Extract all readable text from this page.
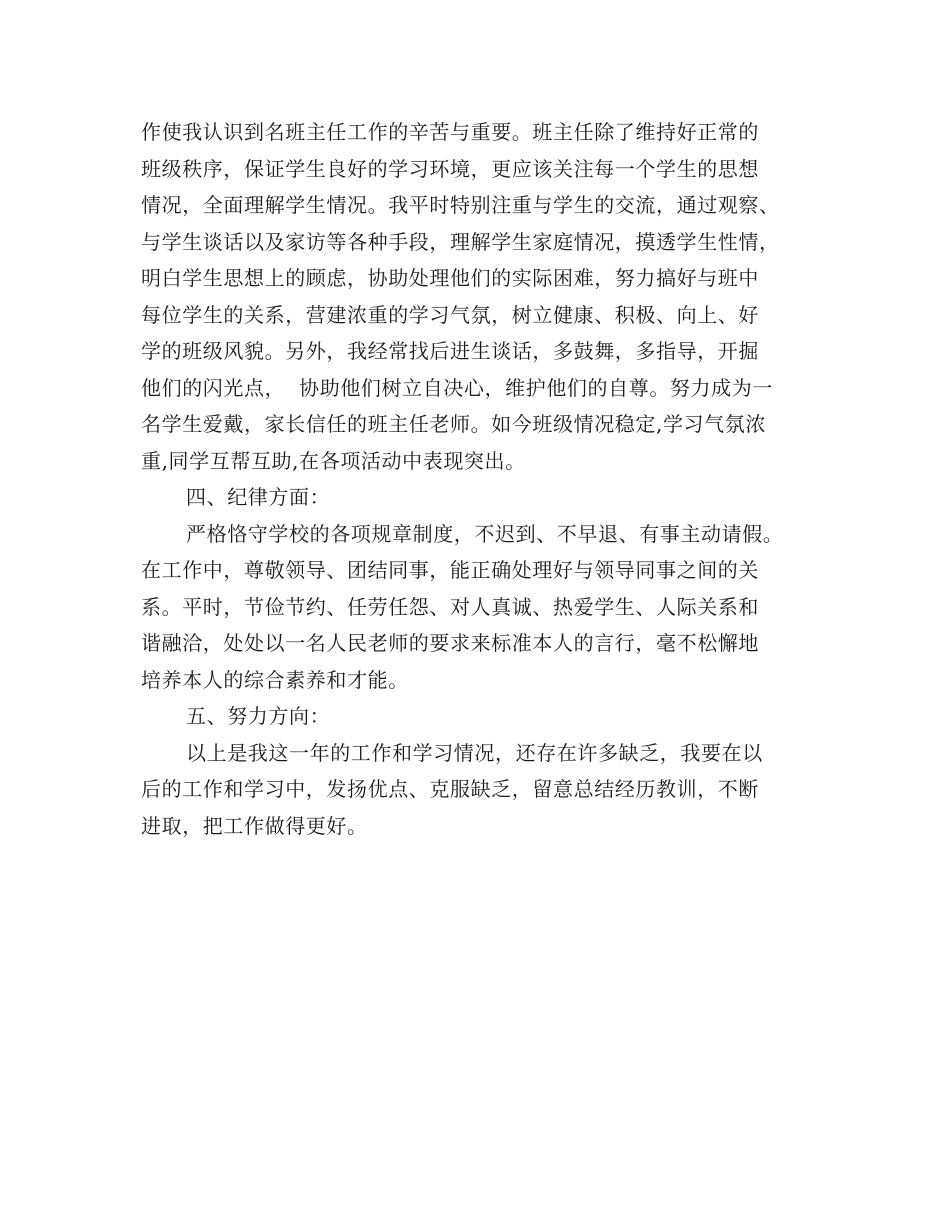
作使我认识到名班主任工作的辛苦与重要。班主任除了维持好正常的
班级秩序，保证学生良好的学习环境，更应该关注每一个学生的思想
情况，全面理解学生情况。我平时特别注重与学生的交流，通过观察、
与学生谈话以及家访等各种手段，理解学生家庭情况，摸透学生性情，
明白学生思想上的顾虑，协助处理他们的实际困难，努力搞好与班中
每位学生的关系，营建浓重的学习气氛，树立健康、积极、向上、好
学的班级风貌。另外，我经常找后进生谈话，多鼓舞，多指导，开掘
他们的闪光点，  协助他们树立自决心，维护他们的自尊。努力成为一
名学生爱戴，家长信任的班主任老师。如今班级情况稳定,学习气氛浓
重,同学互帮互助,在各项活动中表现突出。
四、纪律方面：
严格恪守学校的各项规章制度，不迟到、不早退、有事主动请假。
在工作中，尊敬领导、团结同事，能正确处理好与领导同事之间的关
系。平时，节俭节约、任劳任怨、对人真诚、热爱学生、人际关系和
谐融洽，处处以一名人民老师的要求来标准本人的言行，毫不松懈地
培养本人的综合素养和才能。
五、努力方向：
以上是我这一年的工作和学习情况，还存在许多缺乏，我要在以
后的工作和学习中，发扬优点、克服缺乏，留意总结经历教训，不断
进取，把工作做得更好。
